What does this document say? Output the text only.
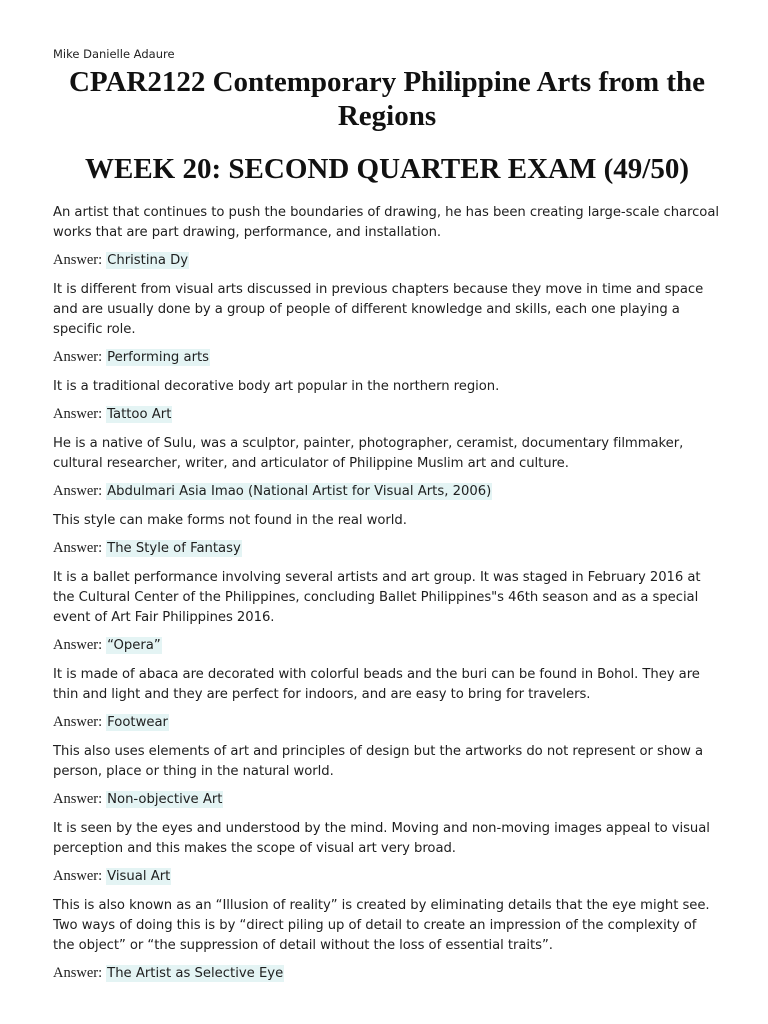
Mike Danielle Adaure

CPAR2122 Contemporary Philippine Arts from the Regions
WEEK 20: SECOND QUARTER EXAM (49/50)

An artist that continues to push the boundaries of drawing, he has been creating large-scale charcoal works that are part drawing, performance, and installation.

Answer: Christina Dy

It is different from visual arts discussed in previous chapters because they move in time and space and are usually done by a group of people of different knowledge and skills, each one playing a specific role.

Answer: Performing arts

It is a traditional decorative body art popular in the northern region.

Answer: Tattoo Art

He is a native of Sulu, was a sculptor, painter, photographer, ceramist, documentary filmmaker, cultural researcher, writer, and articulator of Philippine Muslim art and culture.

Answer: Abdulmari Asia Imao (National Artist for Visual Arts, 2006)

This style can make forms not found in the real world.

Answer: The Style of Fantasy

It is a ballet performance involving several artists and art group. It was staged in February 2016 at the Cultural Center of the Philippines, concluding Ballet Philippines"s 46th season and as a special event of Art Fair Philippines 2016.

Answer: “Opera”

It is made of abaca are decorated with colorful beads and the buri can be found in Bohol. They are thin and light and they are perfect for indoors, and are easy to bring for travelers.

Answer: Footwear

This also uses elements of art and principles of design but the artworks do not represent or show a person, place or thing in the natural world.

Answer: Non-objective Art

It is seen by the eyes and understood by the mind. Moving and non-moving images appeal to visual perception and this makes the scope of visual art very broad.

Answer: Visual Art

This is also known as an “Illusion of reality” is created by eliminating details that the eye might see. Two ways of doing this is by “direct piling up of detail to create an impression of the complexity of the object” or “the suppression of detail without the loss of essential traits”.

Answer: The Artist as Selective Eye
